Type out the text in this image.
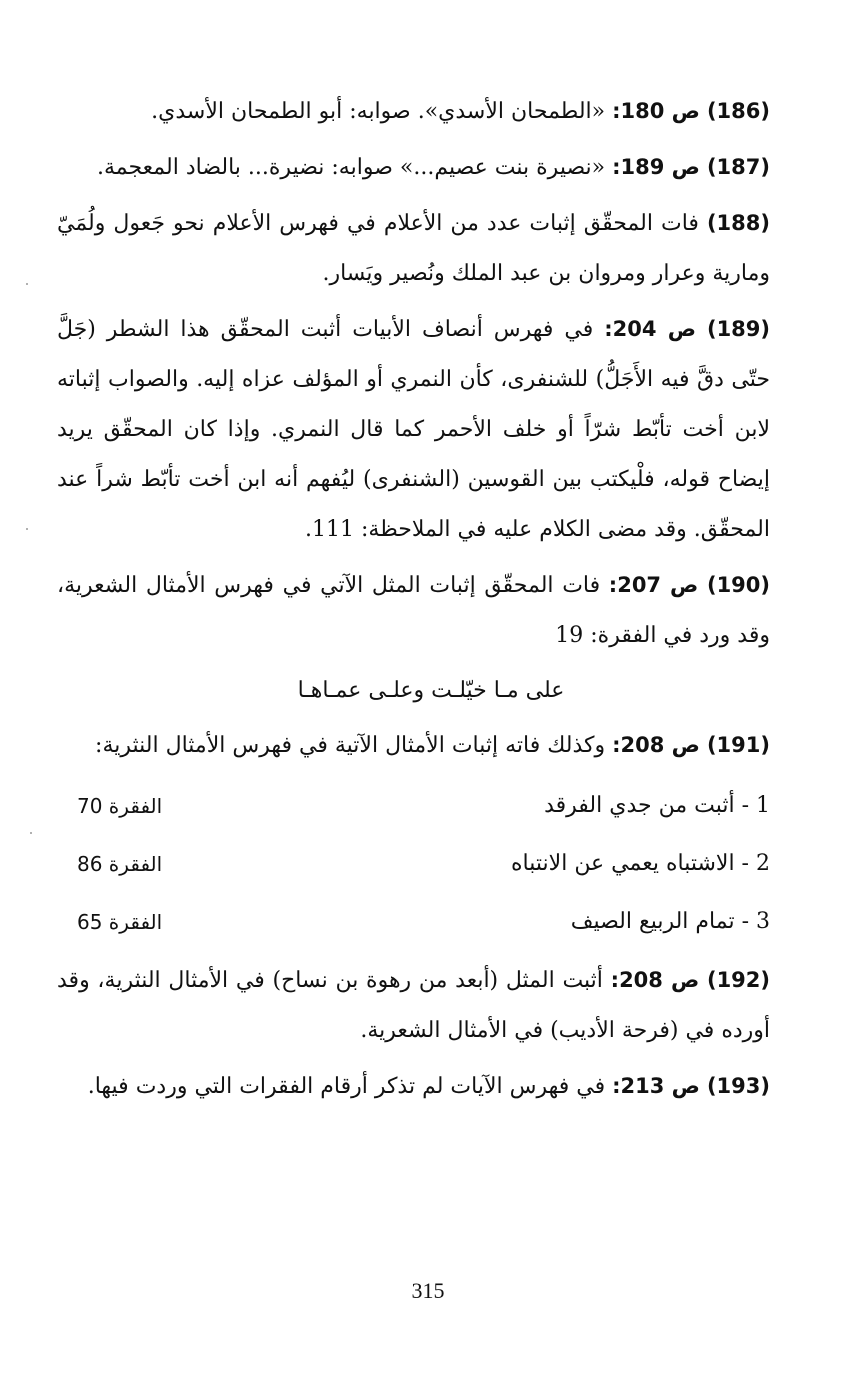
(186) ص 180: «الطمحان الأسدي». صوابه: أبو الطمحان الأسدي.

(187) ص 189: «نصيرة بنت عصيم...» صوابه: نضيرة... بالضاد المعجمة.

(188) فات المحقّق إثبات عدد من الأعلام في فهرس الأعلام نحو جَعول ولُمَيّ ومارية وعرار ومروان بن عبد الملك ونُصير ويَسار.

(189) ص 204: في فهرس أنصاف الأبيات أثبت المحقّق هذا الشطر (جَلَّ حتّى دقَّ فيه الأَجَلُّ) للشنفرى، كأن النمري أو المؤلف عزاه إليه. والصواب إثباته لابن أخت تأبّط شرّاً أو خلف الأحمر كما قال النمري. وإذا كان المحقّق يريد إيضاح قوله، فلْيكتب بين القوسين (الشنفرى) ليُفهم أنه ابن أخت تأبّط شراً عند المحقّق. وقد مضى الكلام عليه في الملاحظة: 111.

(190) ص 207: فات المحقّق إثبات المثل الآتي في فهرس الأمثال الشعرية، وقد ورد في الفقرة: 19

على مـا خيّلـت وعلـى عمـاهـا

(191) ص 208: وكذلك فاته إثبات الأمثال الآتية في فهرس الأمثال النثرية:

1 - أثبت من جدي الفرقد
الفقرة 70
2 - الاشتباه يعمي عن الانتباه
الفقرة 86
3 - تمام الربيع الصيف
الفقرة 65

(192) ص 208: أثبت المثل (أبعد من رهوة بن نساح) في الأمثال النثرية، وقد أورده في (فرحة الأديب) في الأمثال الشعرية.

(193) ص 213: في فهرس الآيات لم تذكر أرقام الفقرات التي وردت فيها.

315
